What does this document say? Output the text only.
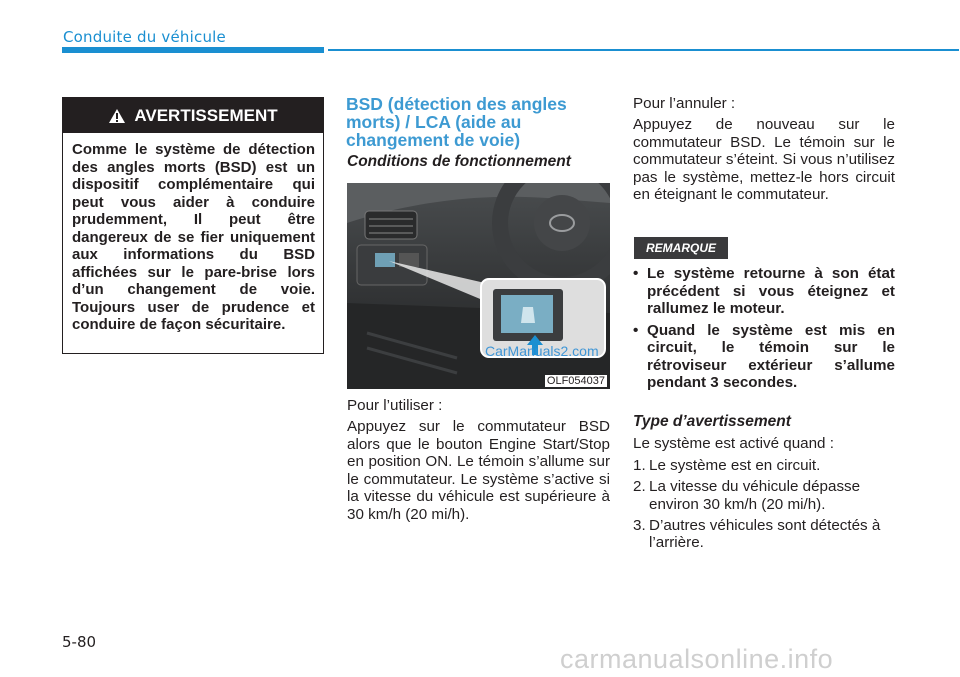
Conduite du véhicule
AVERTISSEMENT

Comme le système de détection des angles morts (BSD) est un dispositif complémentaire qui peut vous aider à conduire prudemment, Il peut être dangereux de se fier uniquement aux informations du BSD affichées sur le pare-brise lors d’un changement de voie. Toujours user de prudence et conduire de façon sécuritaire.

BSD (détection des angles morts) / LCA (aide au changement de voie)
Conditions de fonctionnement
CarManuals2.com
OLF054037

Pour l’utiliser :

Appuyez sur le commutateur BSD alors que le bouton Engine Start/Stop en position ON. Le témoin s’allume sur le commutateur. Le système s’active si la vitesse du véhicule est supérieure à 30 km/h (20 mi/h).

Pour l’annuler :

Appuyez de nouveau sur le commutateur BSD. Le témoin sur le commutateur s’éteint. Si vous n’utilisez pas le système, mettez-le hors circuit en éteignant le commutateur.

REMARQUE
• Le système retourne à son état précédent si vous éteignez et rallumez le moteur.
• Quand le système est mis en circuit, le témoin sur le rétroviseur extérieur s’allume pendant 3 secondes.
Type d’avertissement

Le système est activé quand :

1. Le système est en circuit.
2. La vitesse du véhicule dépasse environ 30 km/h (20 mi/h).
3. D’autres véhicules sont détectés à l’arrière.
5-80
carmanualsonline.info
